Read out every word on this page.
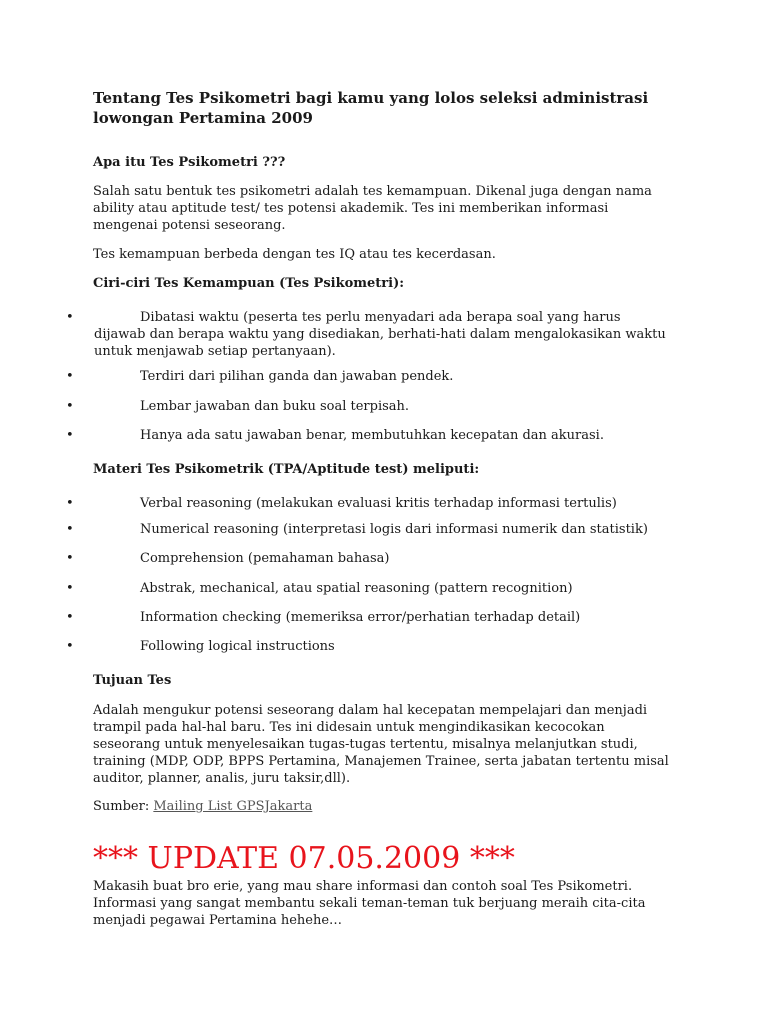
Tentang Tes Psikometri bagi kamu yang lolos seleksi administrasi lowongan Pertamina 2009
Apa itu Tes Psikometri ???

Salah satu bentuk tes psikometri adalah tes kemampuan. Dikenal juga dengan nama ability atau aptitude test/ tes potensi akademik. Tes ini memberikan informasi mengenai potensi seseorang.

Tes kemampuan berbeda dengan tes IQ atau tes kecerdasan.

Ciri-ciri Tes Kemampuan (Tes Psikometri):
•	Dibatasi waktu (peserta tes perlu menyadari ada berapa soal yang harus dijawab dan berapa waktu yang disediakan, berhati-hati dalam mengalokasikan waktu untuk menjawab setiap pertanyaan).
•	Terdiri dari pilihan ganda dan jawaban pendek.
•	Lembar jawaban dan buku soal terpisah.
•	Hanya ada satu jawaban benar, membutuhkan kecepatan dan akurasi.
Materi Tes Psikometrik (TPA/Aptitude test) meliputi:
•	Verbal reasoning (melakukan evaluasi kritis terhadap informasi tertulis)
•	Numerical reasoning (interpretasi logis dari informasi numerik dan statistik)
•	Comprehension (pemahaman bahasa)
•	Abstrak, mechanical, atau spatial reasoning (pattern recognition)
•	Information checking (memeriksa error/perhatian terhadap detail)
•	Following logical instructions
Tujuan Tes

Adalah mengukur potensi seseorang dalam hal kecepatan mempelajari dan menjadi trampil pada hal-hal baru. Tes ini didesain untuk mengindikasikan kecocokan seseorang untuk menyelesaikan tugas-tugas tertentu, misalnya melanjutkan studi, training (MDP, ODP, BPPS Pertamina, Manajemen Trainee, serta jabatan tertentu misal auditor, planner, analis, juru taksir,dll).

Sumber: Mailing List GPSJakarta

*** UPDATE 07.05.2009 ***

Makasih buat bro erie, yang mau share informasi dan contoh soal Tes Psikometri. Informasi yang sangat membantu sekali teman-teman tuk berjuang meraih cita-cita menjadi pegawai Pertamina hehehe…
